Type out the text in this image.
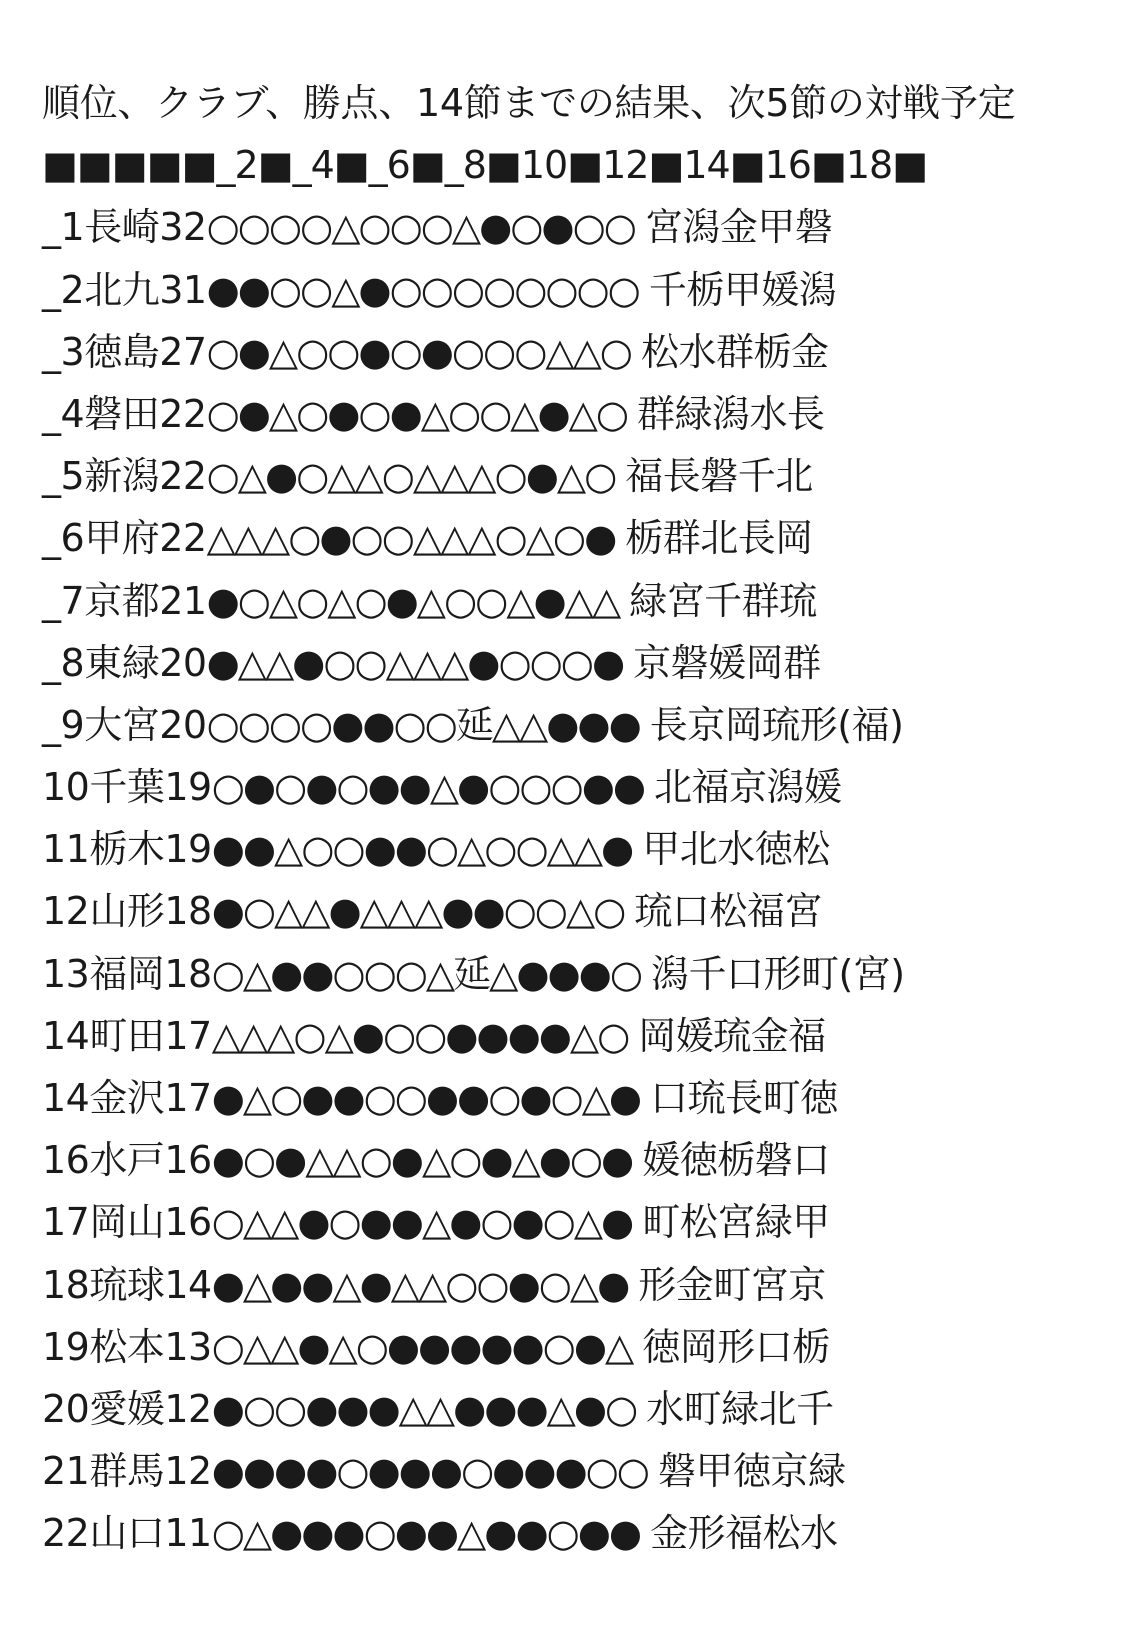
順位、クラブ、勝点、14節までの結果、次5節の対戦予定
■■■■■_2■_4■_6■_8■10■12■14■16■18■
_1長崎32○○○○△○○○△●○●○○ 宮潟金甲磐
_2北九31●●○○△●○○○○○○○○ 千栃甲媛潟
_3徳島27○●△○○●○●○○○△△○ 松水群栃金
_4磐田22○●△○●○●△○○△●△○ 群緑潟水長
_5新潟22○△●○△△○△△△○●△○ 福長磐千北
_6甲府22△△△○●○○△△△○△○● 栃群北長岡
_7京都21●○△○△○●△○○△●△△ 緑宮千群琉
_8東緑20●△△●○○△△△●○○○● 京磐媛岡群
_9大宮20○○○○●●○○延△△●●● 長京岡琉形(福)
10千葉19○●○●○●●△●○○○●● 北福京潟媛
11栃木19●●△○○●●○△○○△△● 甲北水徳松
12山形18●○△△●△△△●●○○△○ 琉口松福宮
13福岡18○△●●○○○△延△●●●○ 潟千口形町(宮)
14町田17△△△○△●○○●●●●△○ 岡媛琉金福
14金沢17●△○●●○○●●○●○△● 口琉長町徳
16水戸16●○●△△○●△○●△●○● 媛徳栃磐口
17岡山16○△△●○●●△●○●○△● 町松宮緑甲
18琉球14●△●●△●△△○○●○△● 形金町宮京
19松本13○△△●△○●●●●●○●△ 徳岡形口栃
20愛媛12●○○●●●△△●●●△●○ 水町緑北千
21群馬12●●●●○●●●○●●●○○ 磐甲徳京緑
22山口11○△●●●○●●△●●○●● 金形福松水
